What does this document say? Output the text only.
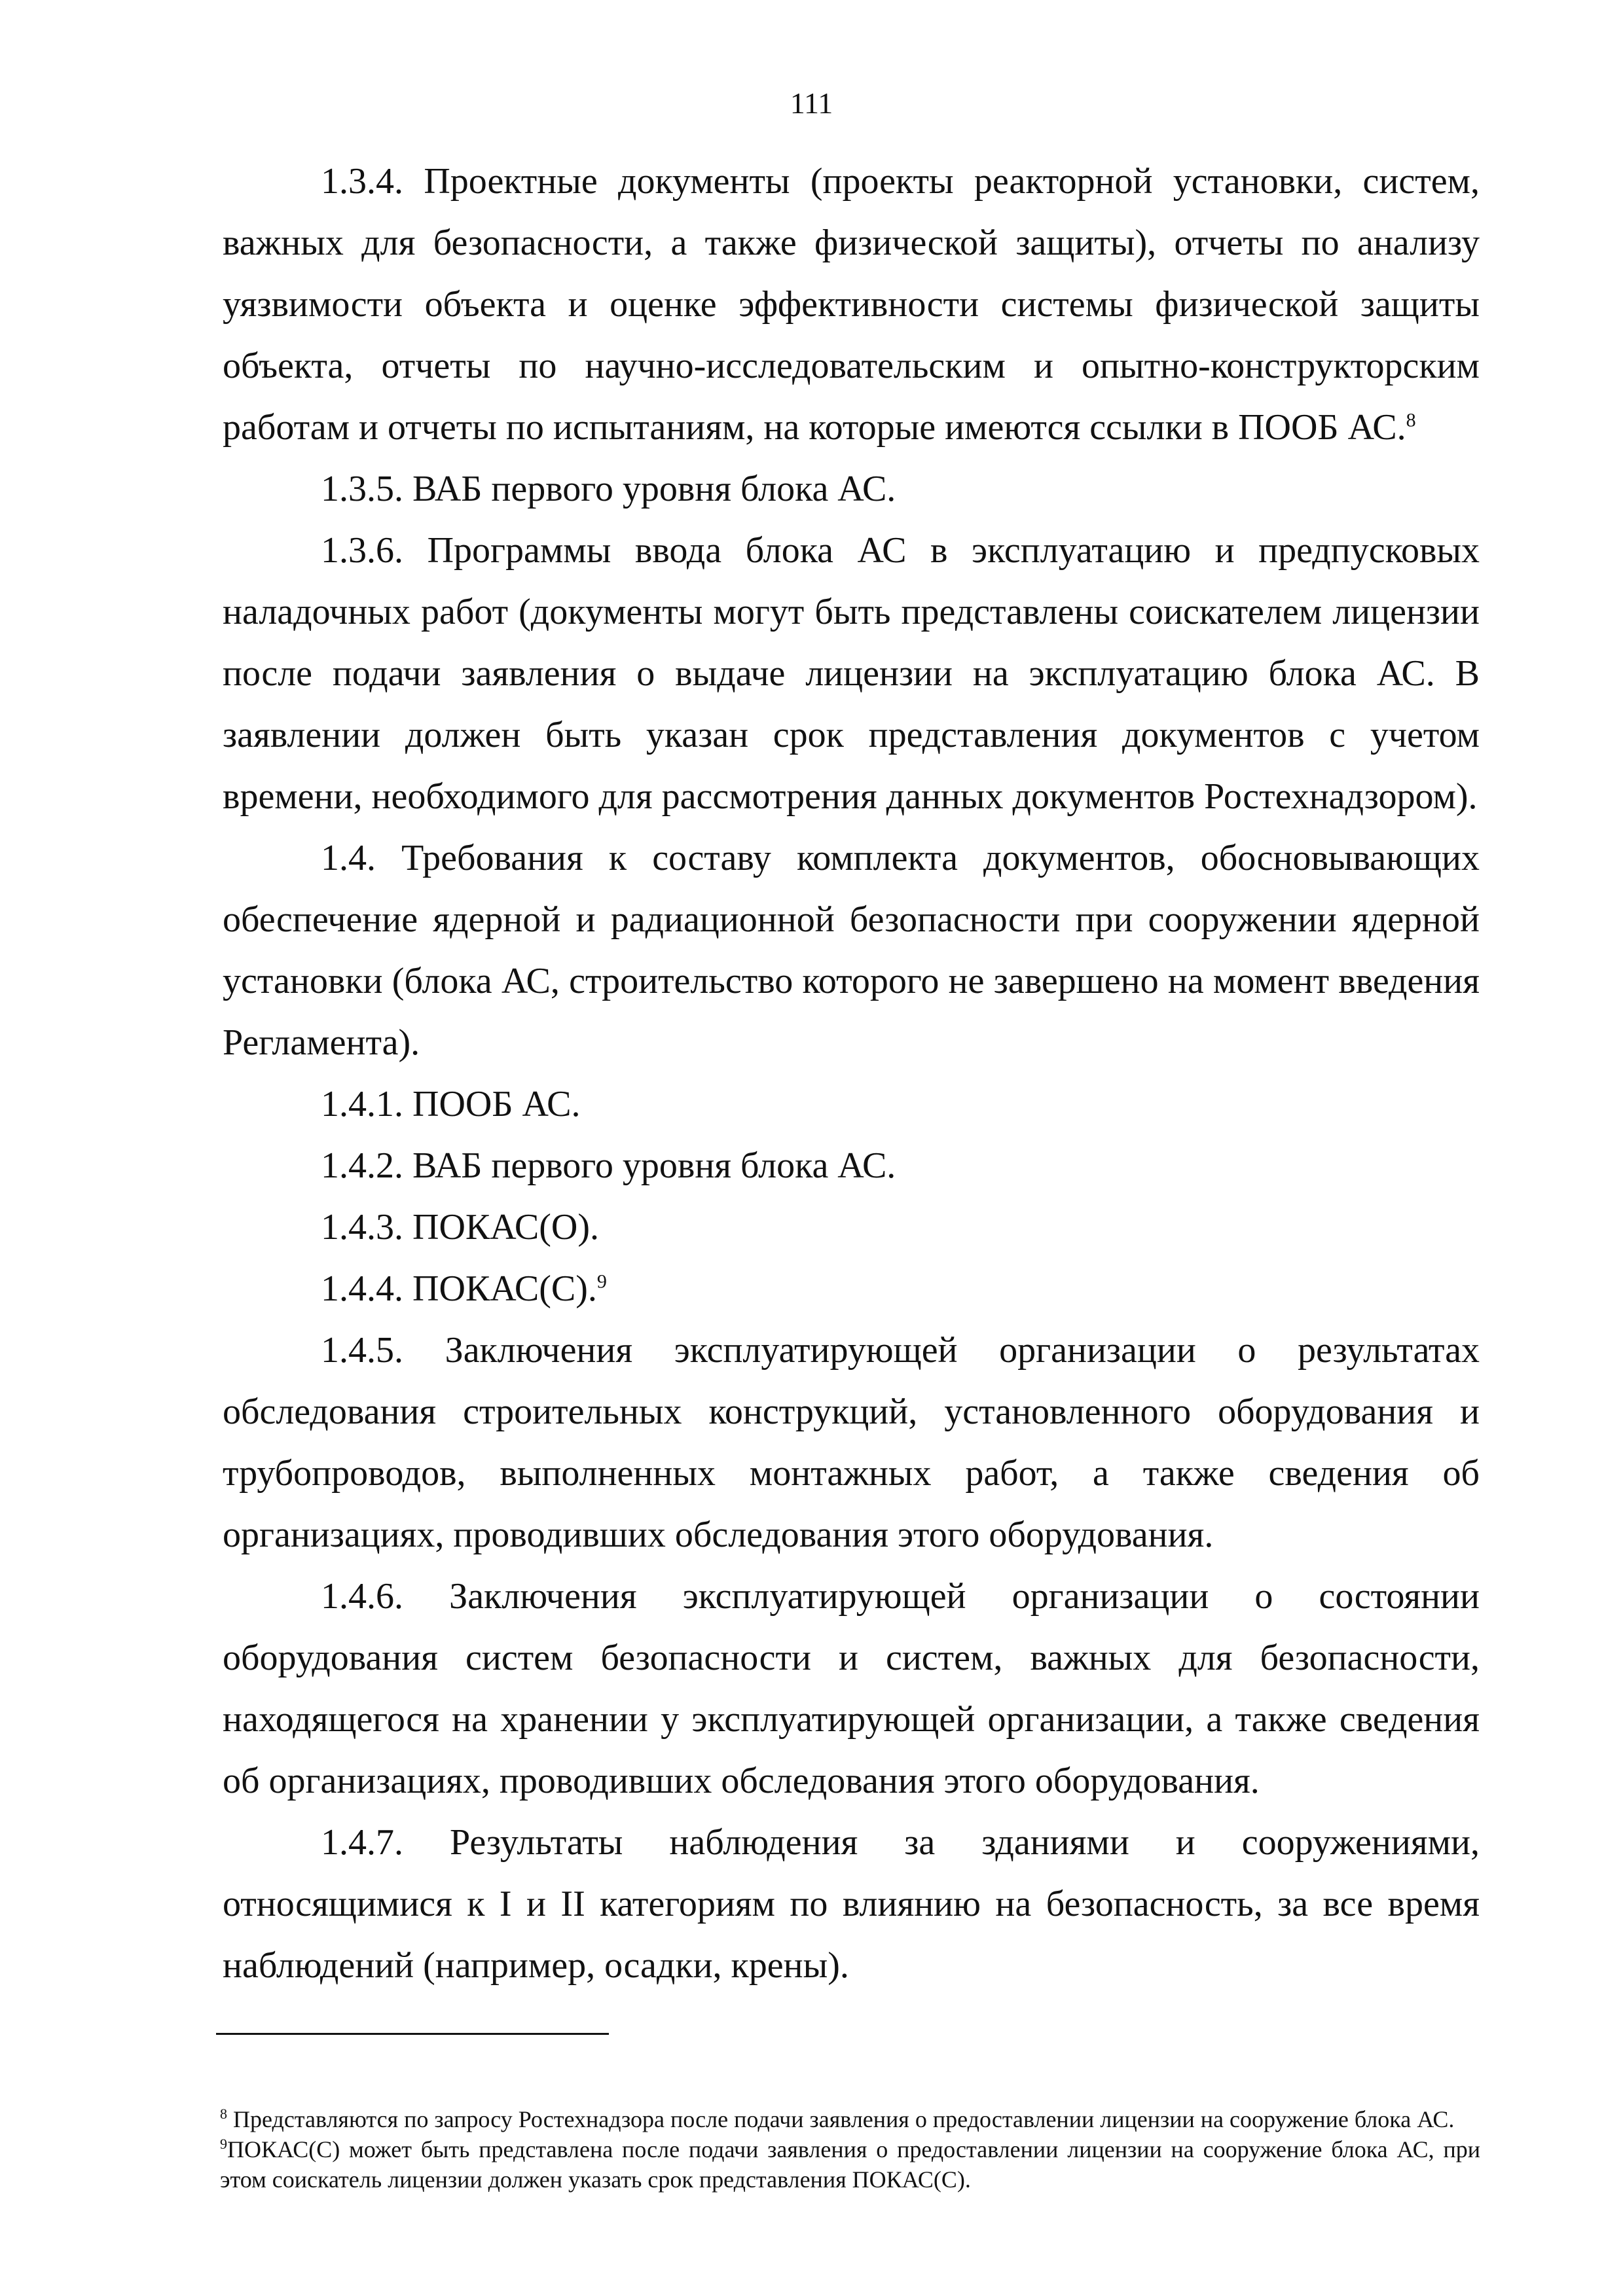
111

1.3.4. Проектные документы (проекты реакторной установки, систем, важных для безопасности, а также физической защиты), отчеты по анализу уязвимости объекта и оценке эффективности системы физической защиты объекта, отчеты по научно-исследовательским и опытно-конструкторским работам и отчеты по испытаниям, на которые имеются ссылки в ПООБ АС.$^8$

1.3.5. ВАБ первого уровня блока АС.

1.3.6. Программы ввода блока АС в эксплуатацию и предпусковых наладочных работ (документы могут быть представлены соискателем лицензии после подачи заявления о выдаче лицензии на эксплуатацию блока АС. В заявлении должен быть указан срок представления документов с учетом времени, необходимого для рассмотрения данных документов Ростехнадзором).

1.4. Требования к составу комплекта документов, обосновывающих обеспечение ядерной и радиационной безопасности при сооружении ядерной установки (блока АС, строительство которого не завершено на момент введения Регламента).

1.4.1. ПООБ АС.

1.4.2. ВАБ первого уровня блока АС.

1.4.3. ПОКАС(О).

1.4.4. ПОКАС(С).$^9$

1.4.5. Заключения эксплуатирующей организации о результатах обследования строительных конструкций, установленного оборудования и трубопроводов, выполненных монтажных работ, а также сведения об организациях, проводивших обследования этого оборудования.

1.4.6. Заключения эксплуатирующей организации о состоянии оборудования систем безопасности и систем, важных для безопасности, находящегося на хранении у эксплуатирующей организации, а также сведения об организациях, проводивших обследования этого оборудования.

1.4.7. Результаты наблюдения за зданиями и сооружениями, относящимися к I и II категориям по влиянию на безопасность, за все время наблюдений (например, осадки, крены).

$^8$ Представляются по запросу Ростехнадзора после подачи заявления о предоставлении лицензии на сооружение блока АС.

$^9$ПОКАС(С) может быть представлена после подачи заявления о предоставлении лицензии на сооружение блока АС, при этом соискатель лицензии должен указать срок представления ПОКАС(С).
